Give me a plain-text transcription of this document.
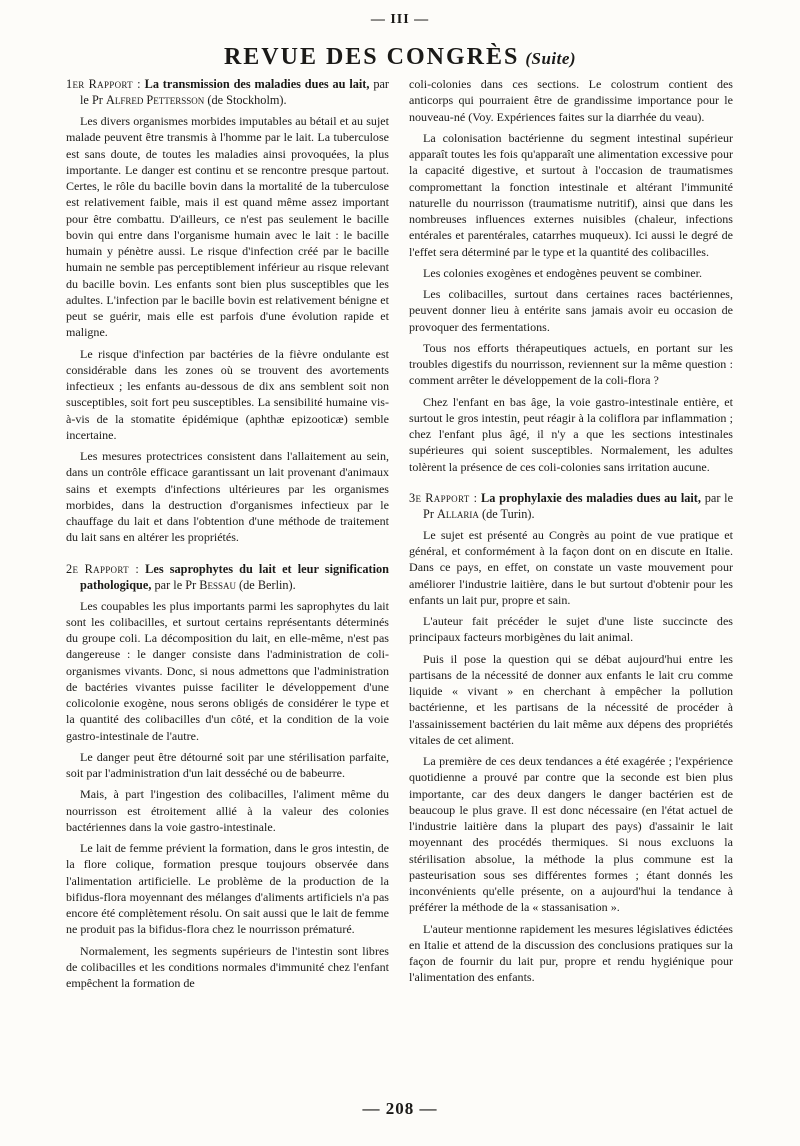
— III —
REVUE DES CONGRÈS (Suite)

1er Rapport : La transmission des maladies dues au lait, par le Pr Alfred Pettersson (de Stockholm).

Les divers organismes morbides imputables au bétail et au sujet malade peuvent être transmis à l'homme par le lait. La tuberculose est sans doute, de toutes les maladies ainsi provoquées, la plus importante. Le danger est continu et se rencontre presque partout. Certes, le rôle du bacille bovin dans la mortalité de la tuberculose est relativement faible, mais il est quand même assez important pour être combattu. D'ailleurs, ce n'est pas seulement le bacille bovin qui entre dans l'organisme humain avec le lait : le bacille humain y pénètre aussi. Le risque d'infection créé par le bacille humain ne semble pas perceptiblement inférieur au risque relevant du bacille bovin. Les enfants sont bien plus susceptibles que les adultes. L'infection par le bacille bovin est relativement bénigne et peut se guérir, mais elle est parfois d'une évolution rapide et maligne.

Le risque d'infection par bactéries de la fièvre ondulante est considérable dans les zones où se trouvent des avortements infectieux ; les enfants au-dessous de dix ans semblent soit non susceptibles, soit fort peu susceptibles. La sensibilité humaine vis-à-vis de la stomatite épidémique (aphthæ epizooticæ) semble incertaine.

Les mesures protectrices consistent dans l'allaitement au sein, dans un contrôle efficace garantissant un lait provenant d'animaux sains et exempts d'infections ultérieures par les organismes morbides, dans la destruction d'organismes infectieux par le chauffage du lait et dans l'obtention d'une méthode de traitement du lait sans en altérer les propriétés.

2e Rapport : Les saprophytes du lait et leur signification pathologique, par le Pr Bessau (de Berlin).

Les coupables les plus importants parmi les saprophytes du lait sont les colibacilles, et surtout certains représentants déterminés du groupe coli. La décomposition du lait, en elle-même, n'est pas dangereuse : le danger consiste dans l'administration de coli-organismes vivants. Donc, si nous admettons que l'administration de bactéries vivantes puisse faciliter le développement d'une colicolonie exogène, nous serons obligés de considérer le type et la quantité des colibacilles d'un côté, et la condition de la voie gastro-intestinale de l'autre.

Le danger peut être détourné soit par une stérilisation parfaite, soit par l'administration d'un lait desséché ou de babeurre.

Mais, à part l'ingestion des colibacilles, l'aliment même du nourrisson est étroitement allié à la valeur des colonies bactériennes dans la voie gastro-intestinale.

Le lait de femme prévient la formation, dans le gros intestin, de la flore colique, formation presque toujours observée dans l'alimentation artificielle. Le problème de la production de la bifidus-flora moyennant des mélanges d'aliments artificiels n'a pas encore été complètement résolu. On sait aussi que le lait de femme ne produit pas la bifidus-flora chez le nourrisson prématuré.

Normalement, les segments supérieurs de l'intestin sont libres de colibacilles et les conditions normales d'immunité chez l'enfant empêchent la formation de

coli-colonies dans ces sections. Le colostrum contient des anticorps qui pourraient être de grandissime importance pour le nouveau-né (Voy. Expériences faites sur la diarrhée du veau).

La colonisation bactérienne du segment intestinal supérieur apparaît toutes les fois qu'apparaît une alimentation excessive pour la capacité digestive, et surtout à l'occasion de traumatismes compromettant la fonction intestinale et altérant l'immunité naturelle du nourrisson (traumatisme nutritif), ainsi que dans les nombreuses influences externes nuisibles (chaleur, infections entérales et parentérales, catarrhes muqueux). Ici aussi le degré de l'effet sera déterminé par le type et la quantité des colibacilles.

Les colonies exogènes et endogènes peuvent se combiner.

Les colibacilles, surtout dans certaines races bactériennes, peuvent donner lieu à entérite sans jamais avoir eu occasion de provoquer des fermentations.

Tous nos efforts thérapeutiques actuels, en portant sur les troubles digestifs du nourrisson, reviennent sur la même question : comment arrêter le développement de la coli-flora ?

Chez l'enfant en bas âge, la voie gastro-intestinale entière, et surtout le gros intestin, peut réagir à la coliflora par inflammation ; chez l'enfant plus âgé, il n'y a que les sections intestinales supérieures qui soient susceptibles. Normalement, les adultes tolèrent la présence de ces coli-colonies sans irritation aucune.

3e Rapport : La prophylaxie des maladies dues au lait, par le Pr Allaria (de Turin).

Le sujet est présenté au Congrès au point de vue pratique et général, et conformément à la façon dont on en discute en Italie. Dans ce pays, en effet, on constate un vaste mouvement pour améliorer l'industrie laitière, dans le but surtout d'obtenir pour les enfants un lait pur, propre et sain.

L'auteur fait précéder le sujet d'une liste succincte des principaux facteurs morbigènes du lait animal.

Puis il pose la question qui se débat aujourd'hui entre les partisans de la nécessité de donner aux enfants le lait cru comme liquide « vivant » en cherchant à empêcher la pollution bactérienne, et les partisans de la nécessité de procéder à l'assainissement bactérien du lait même aux dépens des propriétés vitales de cet aliment.

La première de ces deux tendances a été exagérée ; l'expérience quotidienne a prouvé par contre que la seconde est bien plus importante, car des deux dangers le danger bactérien est de beaucoup le plus grave. Il est donc nécessaire (en l'état actuel de l'industrie laitière dans la plupart des pays) d'assainir le lait moyennant des procédés thermiques. Si nous excluons la stérilisation absolue, la méthode la plus commune est la pasteurisation sous ses différentes formes ; étant donnés les inconvénients qu'elle présente, on a aujourd'hui la tendance à préférer la méthode de la « stassanisation ».

L'auteur mentionne rapidement les mesures législatives édictées en Italie et attend de la discussion des conclusions pratiques sur la façon de fournir du lait pur, propre et rendu hygiénique pour l'alimentation des enfants.

— 208 —
